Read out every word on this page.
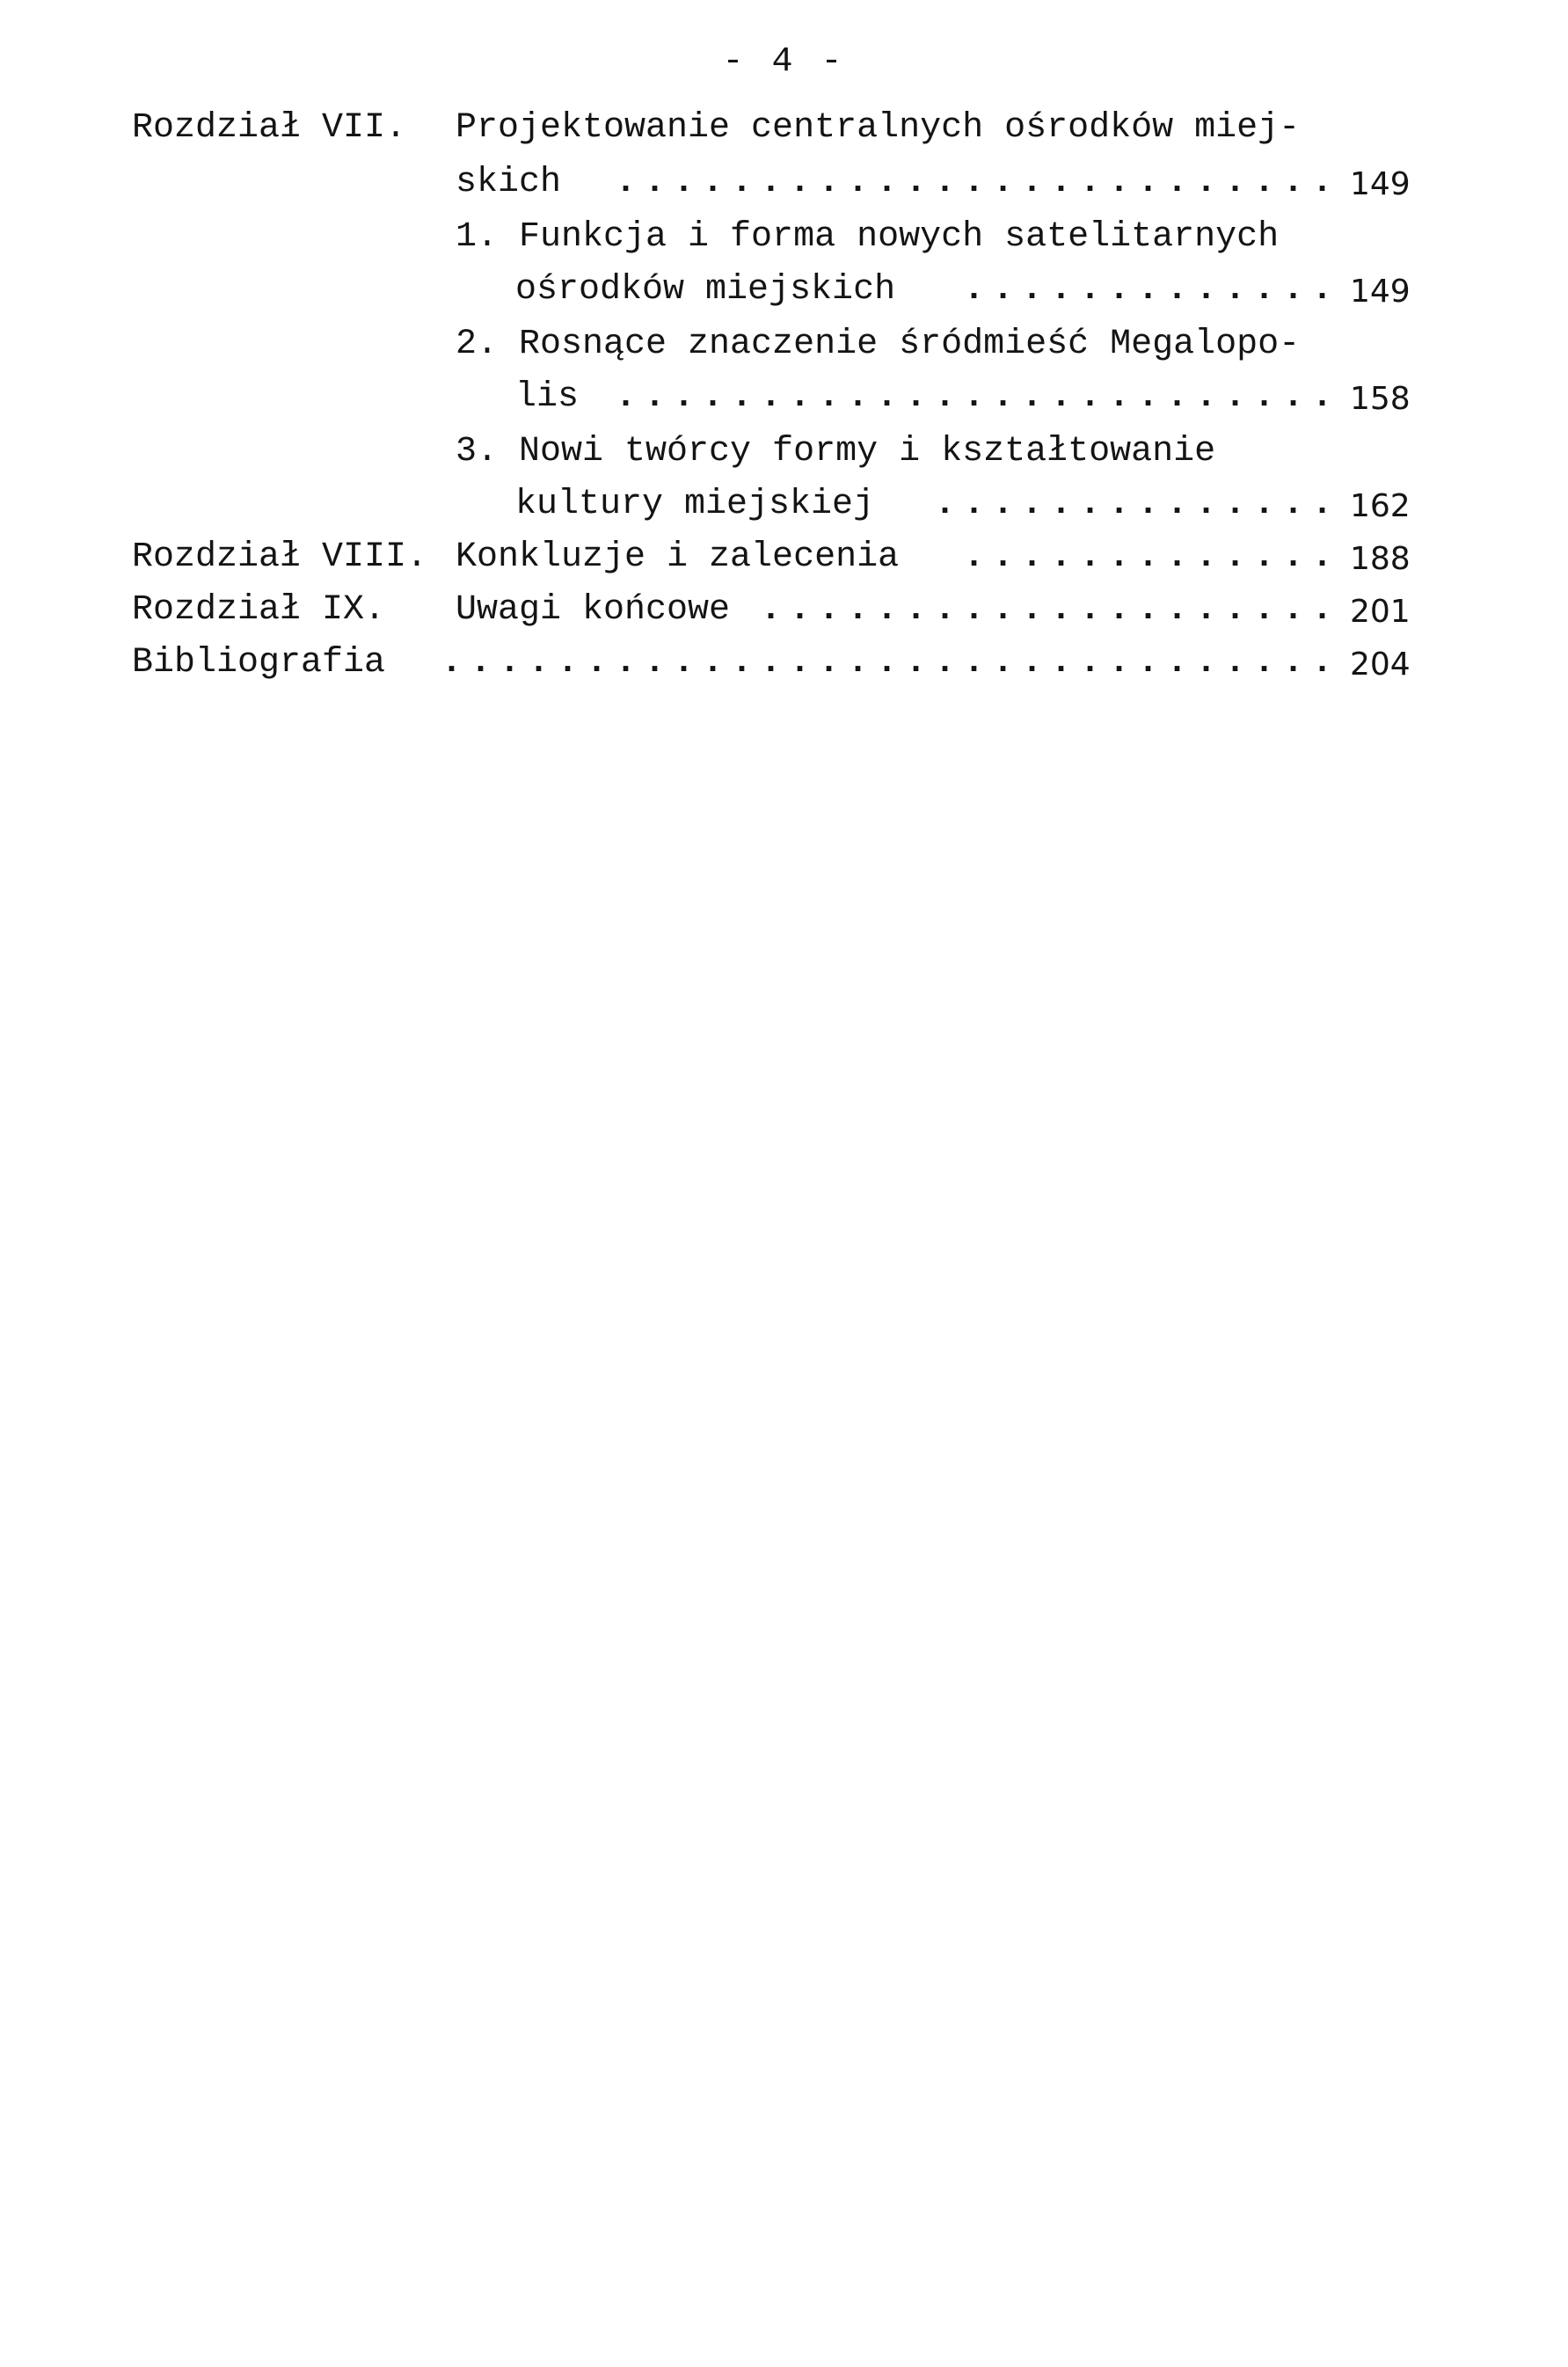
- 4 -
Rozdział VII. Projektowanie centralnych ośrodków miej-
skich . . . . . . . . . . . . . . . . . . . . . . . . . 149
1. Funkcja i forma nowych satelitarnych
ośrodków miejskich	. . . . . . . . . . . . . 149
2. Rosnące znaczenie śródmieść Megalopo-
lis	. . . . . . . . . . . . . . . . . . . . . . . . . 158
3. Nowi twórcy formy i kształtowanie
kultury miejskiej	. . . . . . . . . . . . . . 162
Rozdział VIII. Konkluzje i zalecenia	. . . . . . . . . . . . . 188
Rozdział IX. Uwagi końcowe . . . . . . . . . . . . . . . . . . . . 201
Bibliografia	. . . . . . . . . . . . . . . . . . . . . . . . . . . . . . . 204
